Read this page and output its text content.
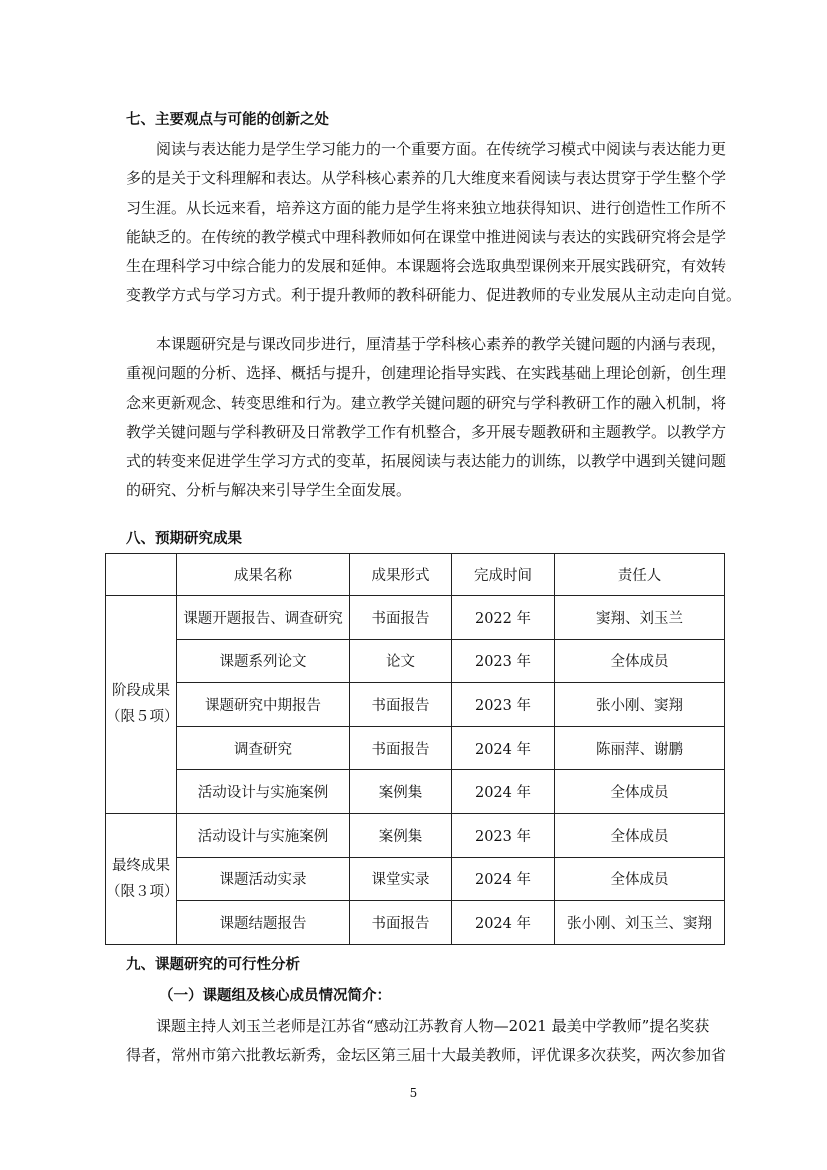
七、主要观点与可能的创新之处
阅读与表达能力是学生学习能力的一个重要方面。在传统学习模式中阅读与表达能力更
多的是关于文科理解和表达。从学科核心素养的几大维度来看阅读与表达贯穿于学生整个学
习生涯。从长远来看，培养这方面的能力是学生将来独立地获得知识、进行创造性工作所不
能缺乏的。在传统的教学模式中理科教师如何在课堂中推进阅读与表达的实践研究将会是学
生在理科学习中综合能力的发展和延伸。本课题将会选取典型课例来开展实践研究，有效转
变教学方式与学习方式。利于提升教师的教科研能力、促进教师的专业发展从主动走向自觉。
本课题研究是与课改同步进行，厘清基于学科核心素养的教学关键问题的内涵与表现，
重视问题的分析、选择、概括与提升，创建理论指导实践、在实践基础上理论创新，创生理
念来更新观念、转变思维和行为。建立教学关键问题的研究与学科教研工作的融入机制，将
教学关键问题与学科教研及日常教学工作有机整合，多开展专题教研和主题教学。以教学方
式的转变来促进学生学习方式的变革，拓展阅读与表达能力的训练，以教学中遇到关键问题
的研究、分析与解决来引导学生全面发展。
八、预期研究成果
	成果名称	成果形式	完成时间	责任人

阶段成果
（限５项）	课题开题报告、调查研究	书面报告	2022 年	窦翔、刘玉兰
	课题系列论文	论文	2023 年	全体成员
	课题研究中期报告	书面报告	2023 年	张小刚、窦翔
	调查研究	书面报告	2024 年	陈丽萍、谢鹏
	活动设计与实施案例	案例集	2024 年	全体成员

最终成果
（限３项）	活动设计与实施案例	案例集	2023 年	全体成员
	课题活动实录	课堂实录	2024 年	全体成员
	课题结题报告	书面报告	2024 年	张小刚、刘玉兰、窦翔
九、课题研究的可行性分析
（一）课题组及核心成员情况简介：
课题主持人刘玉兰老师是江苏省“感动江苏教育人物—2021 最美中学教师”提名奖获
得者，常州市第六批教坛新秀，金坛区第三届十大最美教师，评优课多次获奖，两次参加省
5
